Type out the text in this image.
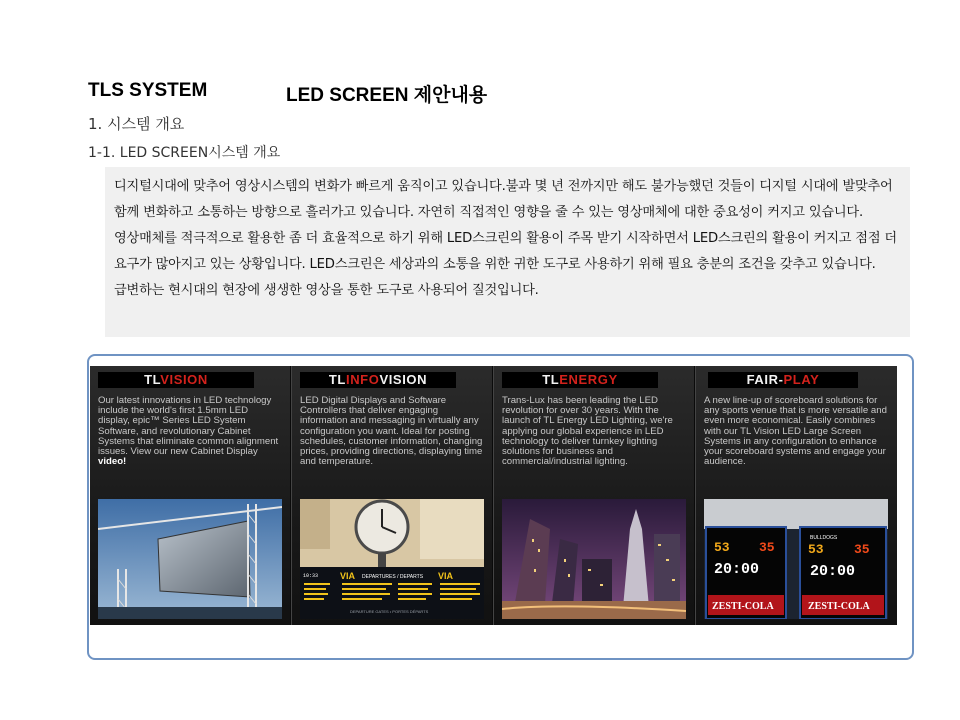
TLS SYSTEM	LED SCREEN 제안내용
1. 시스템 개요
1-1. LED SCREEN시스템 개요
디지털시대에 맞추어 영상시스템의 변화가 빠르게 움직이고 있습니다.불과 몇 년 전까지만 해도 불가능했던 것들이 디지털 시대에 발맞추어 함께 변화하고 소통하는 방향으로 흘러가고 있습니다. 자연히 직접적인 영향을 줄 수 있는 영상매체에 대한 중요성이 커지고 있습니다. 영상매체를 적극적으로 활용한 좀 더 효율적으로 하기 위해 LED스크린의 활용이 주목 받기 시작하면서 LED스크린의 활용이 커지고 점점 더 요구가 많아지고 있는 상황입니다. LED스크린은 세상과의 소통을 위한 귀한 도구로 사용하기 위해 필요 충분의 조건을 갖추고 있습니다. 급변하는 현시대의 현장에 생생한 영상을 통한 도구로 사용되어 질것입니다.
TLVISION
Our latest innovations in LED technology include the world's first 1.5mm LED display, epic™ Series LED System Software, and revolutionary Cabinet Systems that eliminate common alignment issues. View our new Cabinet Display video!
TLINFOVISION
LED Digital Displays and Software Controllers that deliver engaging information and messaging in virtually any configuration you want. Ideal for posting schedules, customer information, changing prices, providing directions, displaying time and temperature.
VIA DEPARTURES / DEPARTS VIA
10:33
DEPARTURE GATES • PORTES DÉPARTS
TLENERGY
Trans-Lux has been leading the LED revolution for over 30 years. With the launch of TL Energy LED Lighting, we're applying our global experience in LED technology to deliver turnkey lighting solutions for business and commercial/industrial lighting.
FAIR-PLAY
A new line-up of scoreboard solutions for any sports venue that is more versatile and even more economical. Easily combines with our TL Vision LED Large Screen Systems in any configuration to enhance your scoreboard systems and engage your audience.
53 35
20:00
BULLDOGS
53 35
20:00
ZESTI-COLA	ZESTI-COLA
